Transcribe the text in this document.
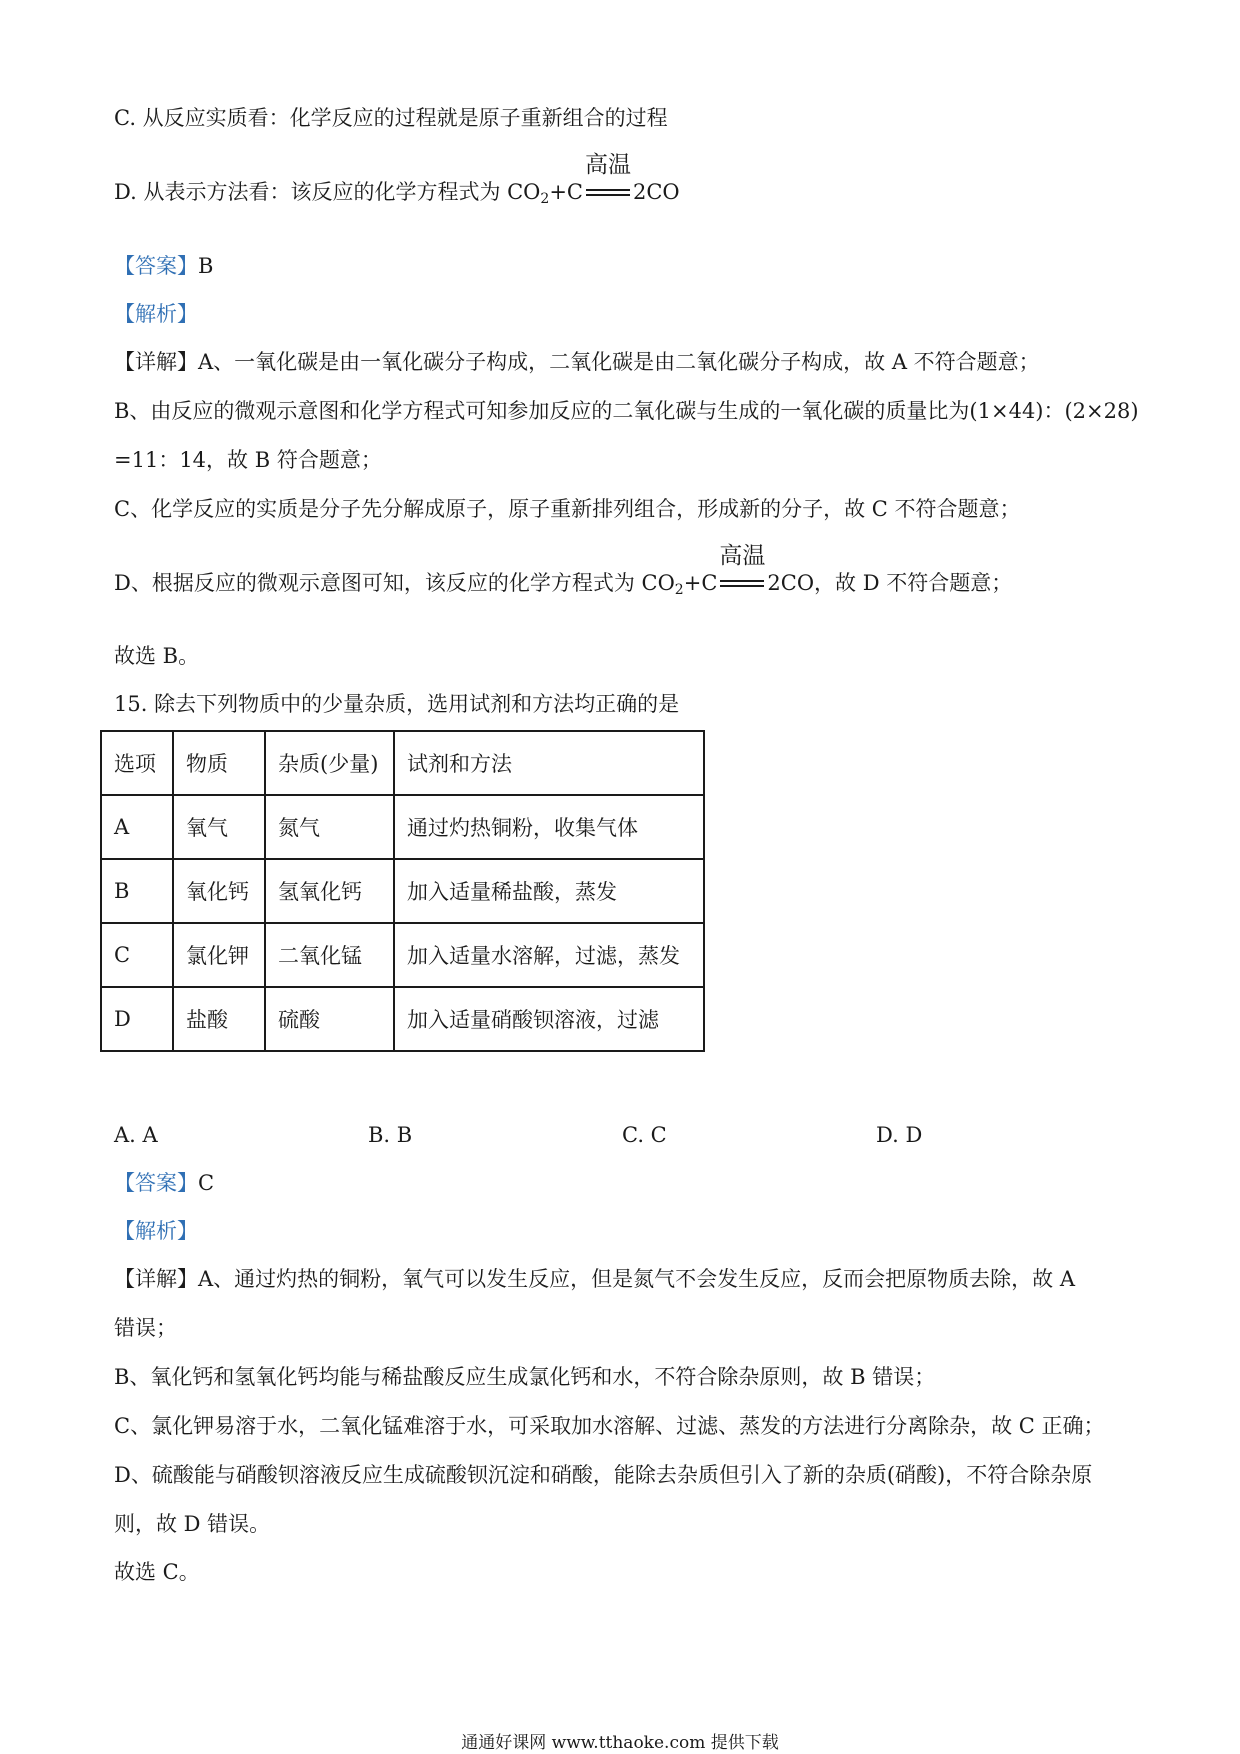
C. 从反应实质看：化学反应的过程就是原子重新组合的过程
D. 从表示方法看：该反应的化学方程式为 $CO_2+C$
高温
2CO
【答案】B
【解析】
【详解】A、一氧化碳是由一氧化碳分子构成，二氧化碳是由二氧化碳分子构成，故 A 不符合题意；
B、由反应的微观示意图和化学方程式可知参加反应的二氧化碳与生成的一氧化碳的质量比为(1×44)：(2×28)
=11：14，故 B 符合题意；
C、化学反应的实质是分子先分解成原子，原子重新排列组合，形成新的分子，故 C 不符合题意；
D、根据反应的微观示意图可知，该反应的化学方程式为 $CO_2+C$
高温
2CO，故 D 不符合题意；
故选 B。
15. 除去下列物质中的少量杂质，选用试剂和方法均正确的是
选项	物质	杂质(少量)	试剂和方法
A	氧气	氮气	通过灼热铜粉，收集气体
B	氧化钙	氢氧化钙	加入适量稀盐酸，蒸发
C	氯化钾	二氧化锰	加入适量水溶解，过滤，蒸发
D	盐酸	硫酸	加入适量硝酸钡溶液，过滤
A. A	B. B	C. C	D. D
【答案】C
【解析】
【详解】A、通过灼热的铜粉，氧气可以发生反应，但是氮气不会发生反应，反而会把原物质去除，故 A
错误；
B、氧化钙和氢氧化钙均能与稀盐酸反应生成氯化钙和水，不符合除杂原则，故 B 错误；
C、氯化钾易溶于水，二氧化锰难溶于水，可采取加水溶解、过滤、蒸发的方法进行分离除杂，故 C 正确；
D、硫酸能与硝酸钡溶液反应生成硫酸钡沉淀和硝酸，能除去杂质但引入了新的杂质(硝酸)，不符合除杂原
则，故 D 错误。
故选 C。
通通好课网 www.tthaoke.com 提供下载
